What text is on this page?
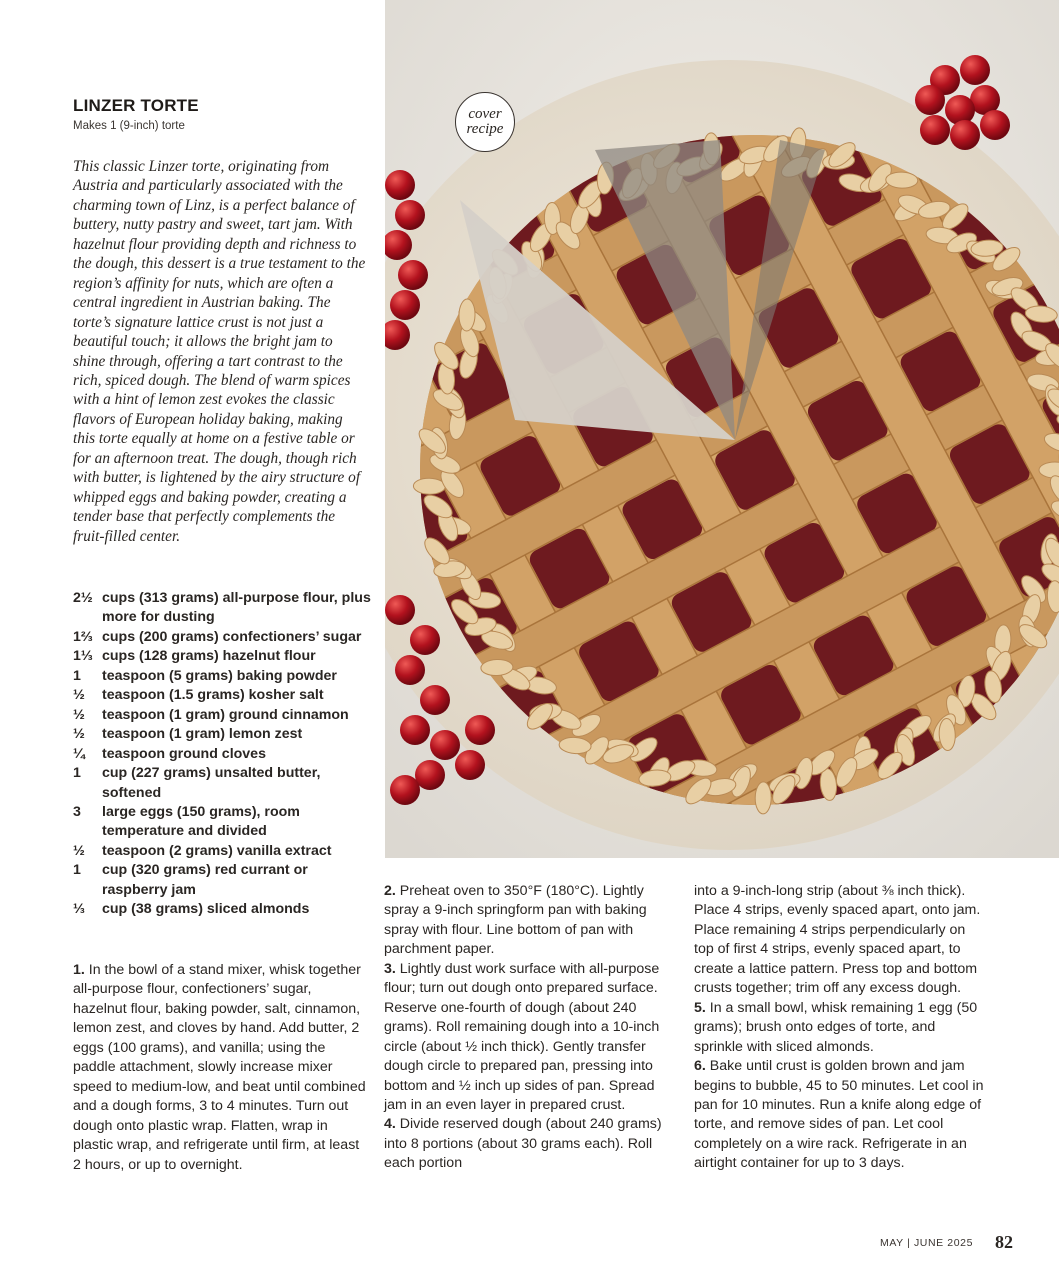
LINZER TORTE
Makes 1 (9-inch) torte
This classic Linzer torte, originating from Austria and particularly associated with the charming town of Linz, is a perfect balance of buttery, nutty pastry and sweet, tart jam. With hazelnut flour providing depth and richness to the dough, this dessert is a true testament to the region’s affinity for nuts, which are often a central ingredient in Austrian baking. The torte’s signature lattice crust is not just a beautiful touch; it allows the bright jam to shine through, offering a tart contrast to the rich, spiced dough. The blend of warm spices with a hint of lemon zest evokes the classic flavors of European holiday baking, making this torte equally at home on a festive table or for an afternoon treat. The dough, though rich with butter, is lightened by the airy structure of whipped eggs and baking powder, creating a tender base that perfectly complements the fruit-filled center.
2½ cups (313 grams) all-purpose flour, plus more for dusting
1⅔ cups (200 grams) confectioners’ sugar
1⅓ cups (128 grams) hazelnut flour
1	teaspoon (5 grams) baking powder
½	teaspoon (1.5 grams) kosher salt
½	teaspoon (1 gram) ground cinnamon
½	teaspoon (1 gram) lemon zest
¼	teaspoon ground cloves
1	cup (227 grams) unsalted butter, softened
3	large eggs (150 grams), room temperature and divided
½	teaspoon (2 grams) vanilla extract
1	cup (320 grams) red currant or raspberry jam
⅓	cup (38 grams) sliced almonds

1. In the bowl of a stand mixer, whisk together all-purpose flour, confectioners’ sugar, hazelnut flour, baking powder, salt, cinnamon, lemon zest, and cloves by hand. Add butter, 2 eggs (100 grams), and vanilla; using the paddle attachment, slowly increase mixer speed to medium-low, and beat until combined and a dough forms, 3 to 4 minutes. Turn out dough onto plastic wrap. Flatten, wrap in plastic wrap, and refrigerate until firm, at least 2 hours, or up to overnight.

2. Preheat oven to 350°F (180°C). Lightly spray a 9-inch springform pan with baking spray with flour. Line bottom of pan with parchment paper.

3. Lightly dust work surface with all-purpose flour; turn out dough onto prepared surface. Reserve one-fourth of dough (about 240 grams). Roll remaining dough into a 10-inch circle (about ½ inch thick). Gently transfer dough circle to prepared pan, pressing into bottom and ½ inch up sides of pan. Spread jam in an even layer in prepared crust.

4. Divide reserved dough (about 240 grams) into 8 portions (about 30 grams each). Roll each portion

into a 9-inch-long strip (about ⅜ inch thick). Place 4 strips, evenly spaced apart, onto jam. Place remaining 4 strips perpendicularly on top of first 4 strips, evenly spaced apart, to create a lattice pattern. Press top and bottom crusts together; trim off any excess dough.

5. In a small bowl, whisk remaining 1 egg (50 grams); brush onto edges of torte, and sprinkle with sliced almonds.

6. Bake until crust is golden brown and jam begins to bubble, 45 to 50 minutes. Let cool in pan for 10 minutes. Run a knife along edge of torte, and remove sides of pan. Let cool completely on a wire rack. Refrigerate in an airtight container for up to 3 days.

cover
recipe
MAY | JUNE 2025 82
